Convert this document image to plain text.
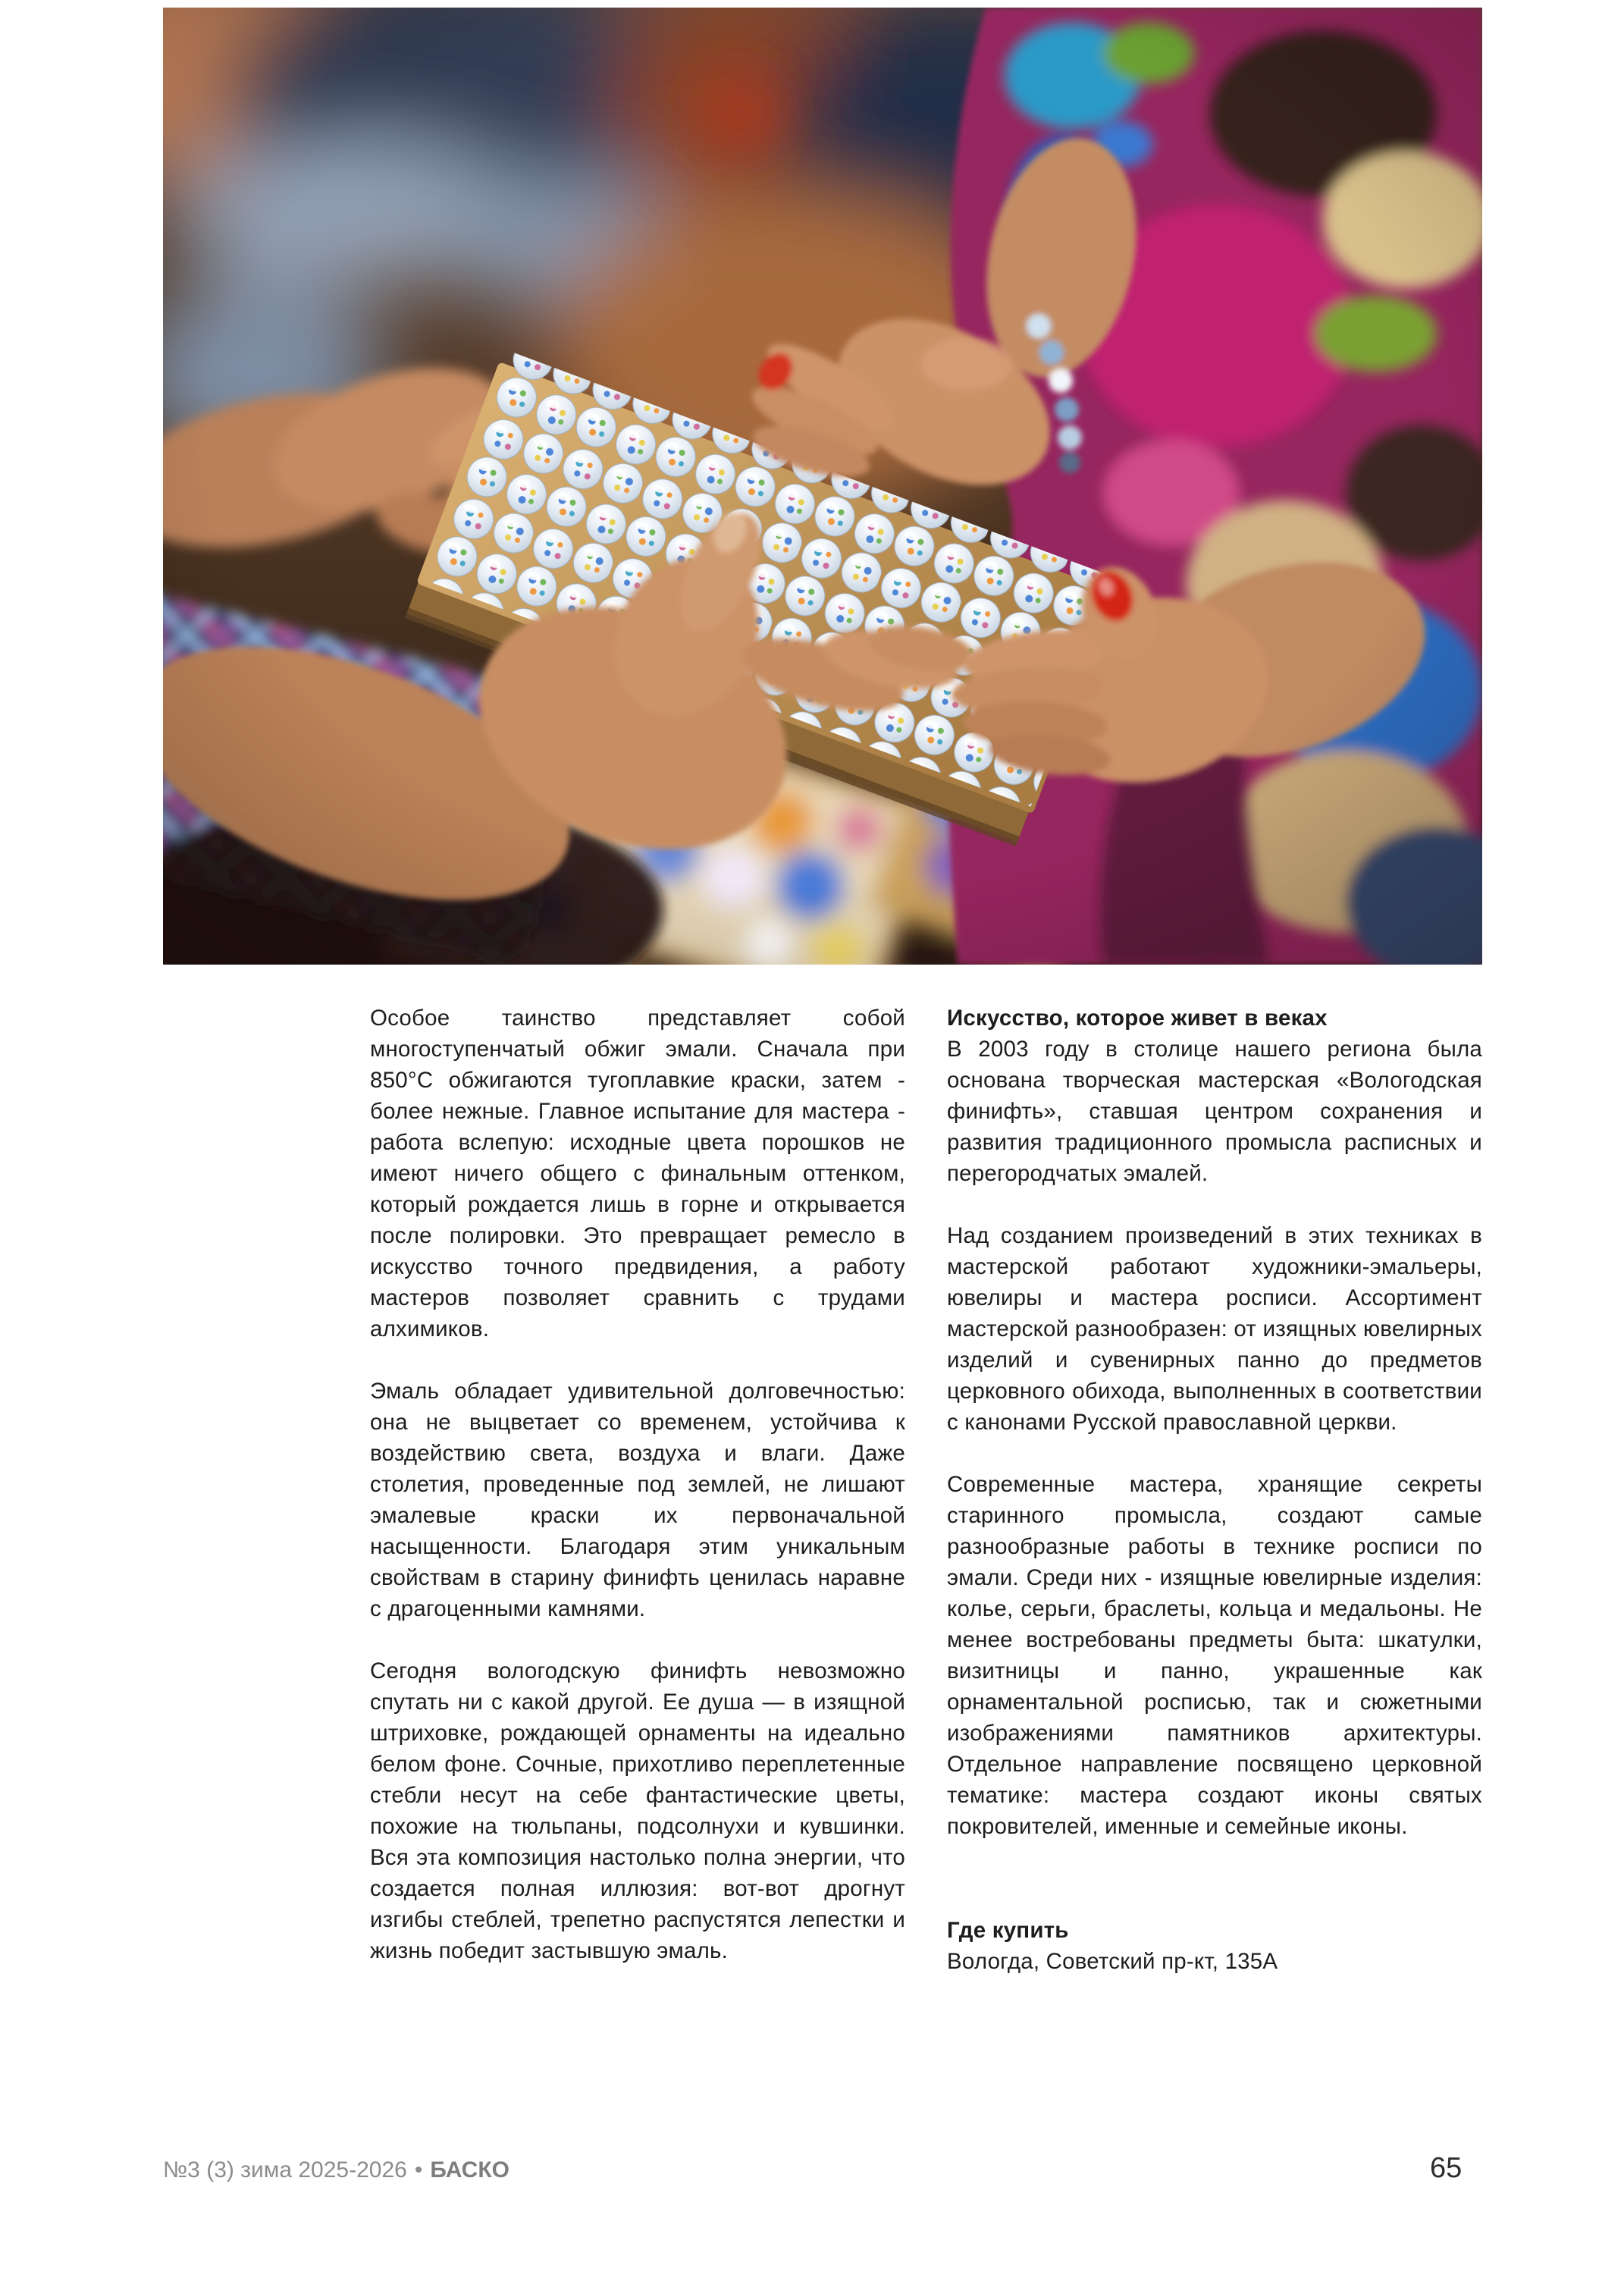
Особое таинство представляет собой многоступенчатый обжиг эмали. Сначала при 850°С обжигаются тугоплавкие краски, затем - более нежные. Главное испытание для мастера - работа вслепую: исходные цвета порошков не имеют ничего общего с финальным оттенком, который рождается лишь в горне и открывается после полировки. Это превращает ремесло в искусство точного предвидения, а работу мастеров позволяет сравнить с трудами алхимиков.

Эмаль обладает удивительной долговечностью: она не выцветает со временем, устойчива к воздействию света, воздуха и влаги. Даже столетия, проведенные под землей, не лишают эмалевые краски их первоначальной насыщенности. Благодаря этим уникальным свойствам в старину финифть ценилась наравне с драгоценными камнями.

Сегодня вологодскую финифть невозможно спутать ни с какой другой. Ее душа — в изящной штриховке, рождающей орнаменты на идеально белом фоне. Сочные, прихотливо переплетенные стебли несут на себе фантастические цветы, похожие на тюльпаны, подсолнухи и кувшинки. Вся эта композиция настолько полна энергии, что создается полная иллюзия: вот-вот дрогнут изгибы стеблей, трепетно распустятся лепестки и жизнь победит застывшую эмаль.

Искусство, которое живет в веках

В 2003 году в столице нашего региона была основана творческая мастерская «Вологодская финифть», ставшая центром сохранения и развития традиционного промысла расписных и перегородчатых эмалей.

Над созданием произведений в этих техниках в мастерской работают художники-эмальеры, ювелиры и мастера росписи. Ассортимент мастерской разнообразен: от изящных ювелирных изделий и сувенирных панно до предметов церковного обихода, выполненных в соответствии с канонами Русской православной церкви.

Современные мастера, хранящие секреты старинного промысла, создают самые разнообразные работы в технике росписи по эмали. Среди них - изящные ювелирные изделия: колье, серьги, браслеты, кольца и медальоны. Не менее востребованы предметы быта: шкатулки, визитницы и панно, украшенные как орнаментальной росписью, так и сюжетными изображениями памятников архитектуры. Отдельное направление посвящено церковной тематике: мастера создают иконы святых покровителей, именные и семейные иконы.

Где купить

Вологда, Советский пр-кт, 135А

№3 (3) зима 2025-2026 • БАСКО	65
